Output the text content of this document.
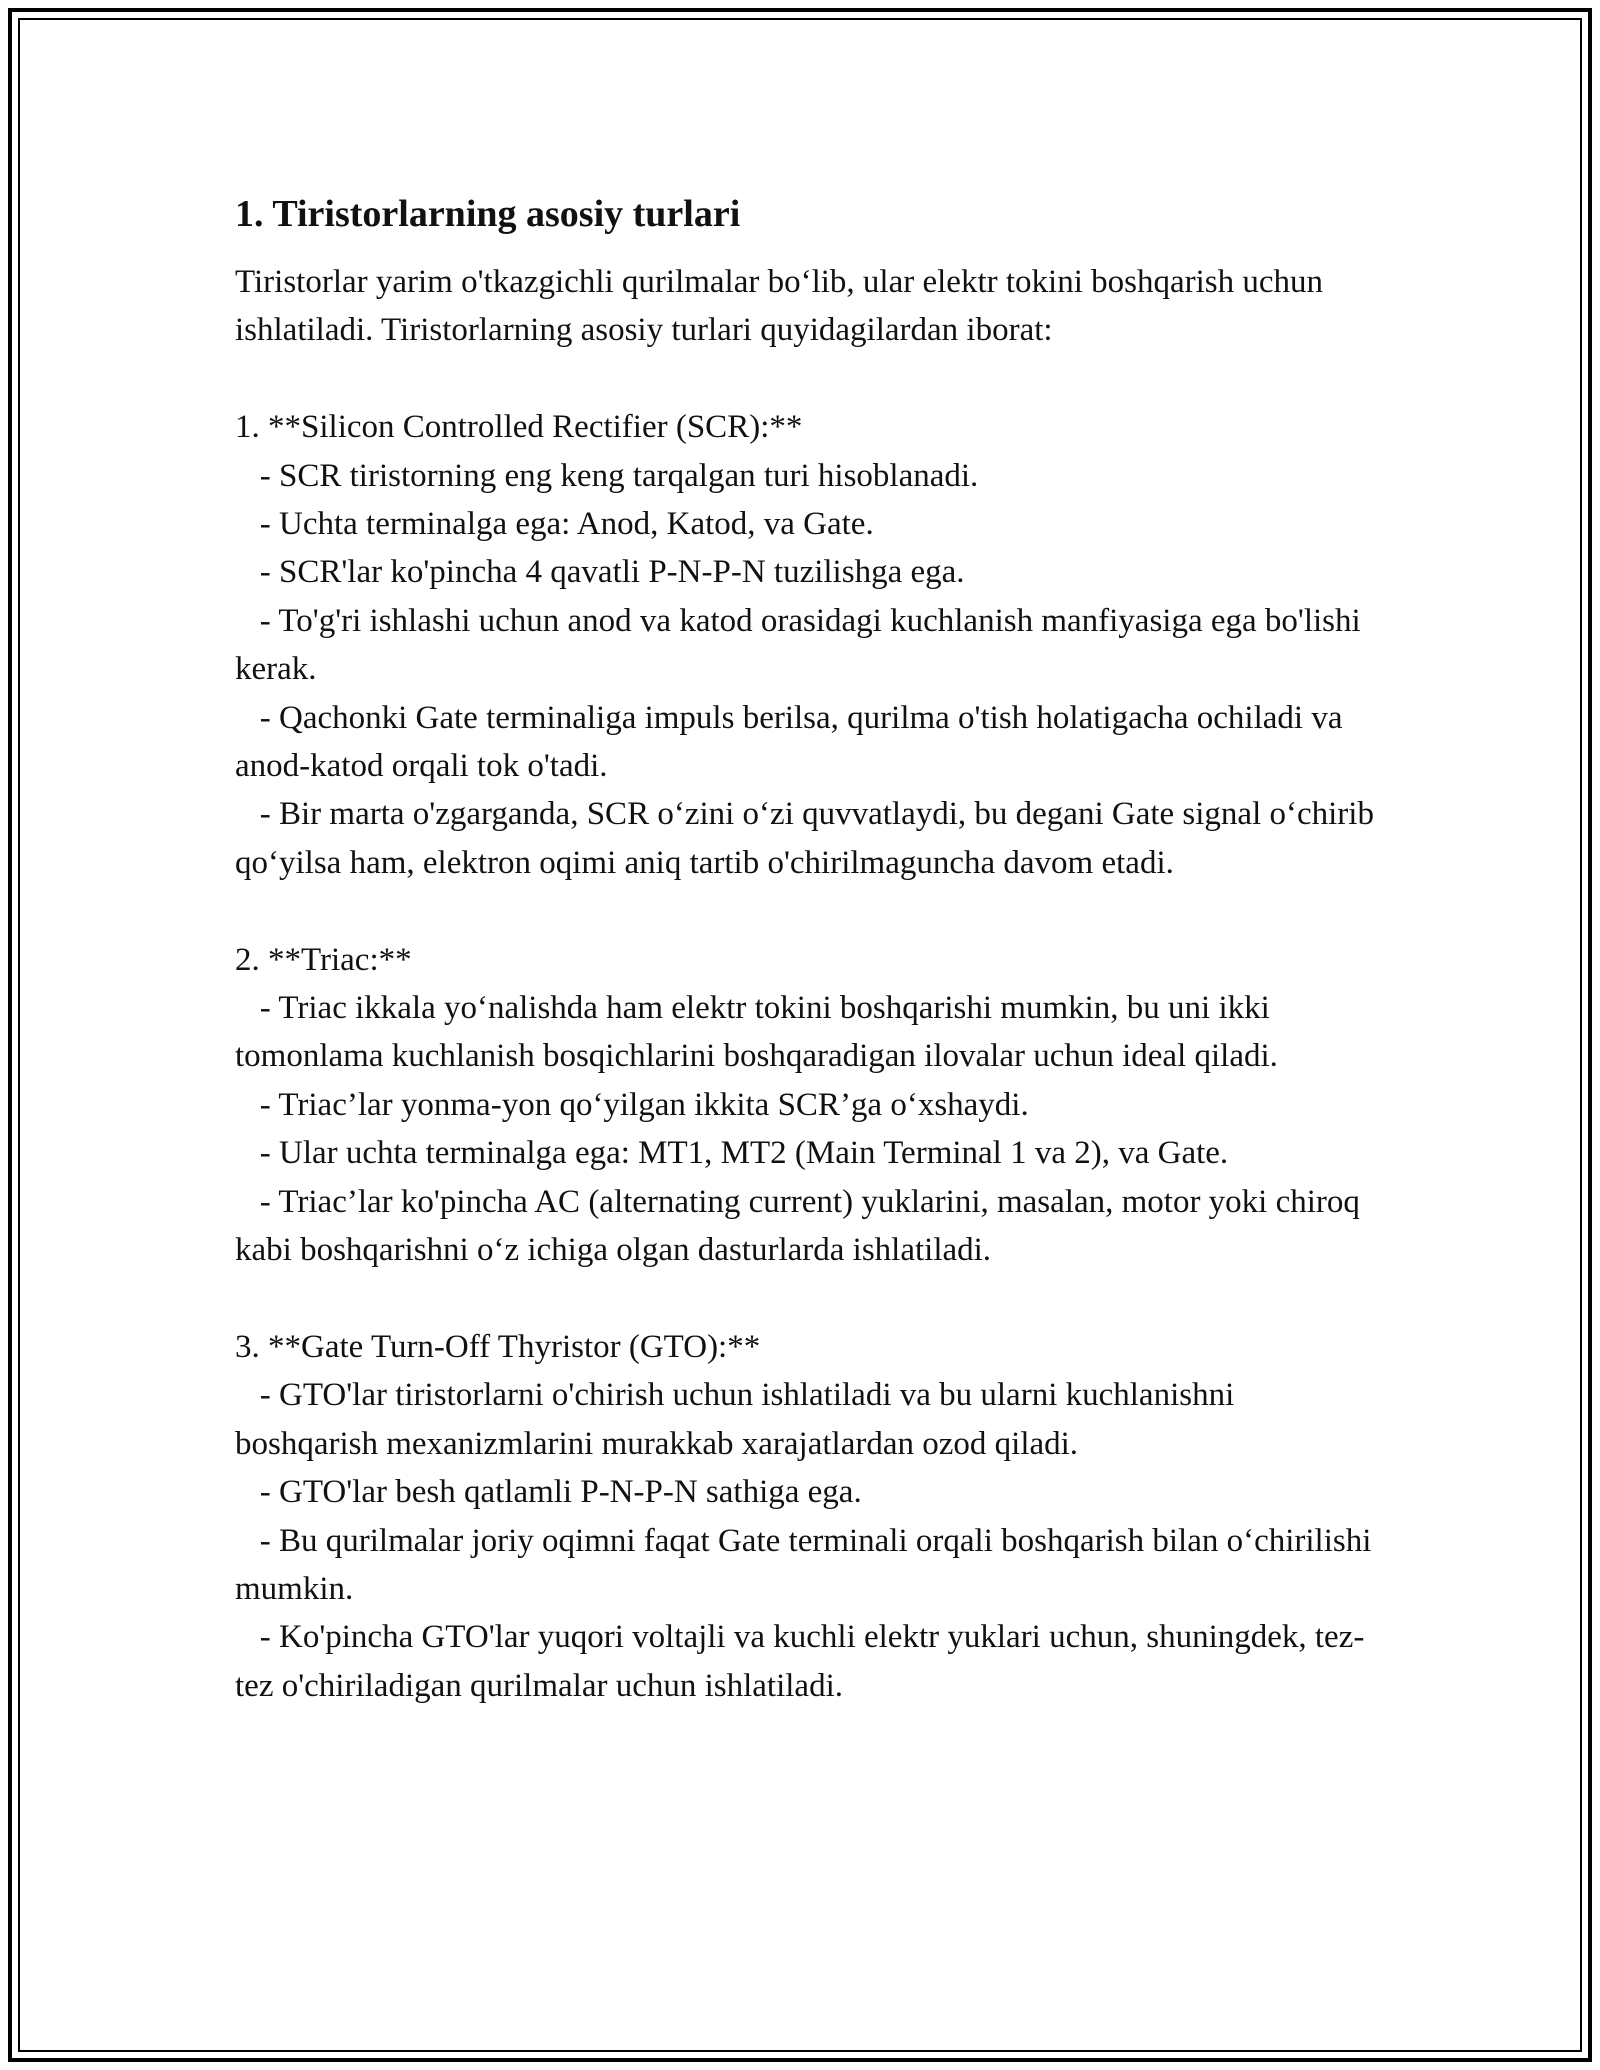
1. Tiristorlarning asosiy turlari

Tiristorlar yarim o'tkazgichli qurilmalar bo‘lib, ular elektr tokini boshqarish uchun ishlatiladi. Tiristorlarning asosiy turlari quyidagilardan iborat:

1. **Silicon Controlled Rectifier (SCR):**

- SCR tiristorning eng keng tarqalgan turi hisoblanadi.

- Uchta terminalga ega: Anod, Katod, va Gate.

- SCR'lar ko'pincha 4 qavatli P-N-P-N tuzilishga ega.

- To'g'ri ishlashi uchun anod va katod orasidagi kuchlanish manfiyasiga ega bo'lishi kerak.

- Qachonki Gate terminaliga impuls berilsa, qurilma o'tish holatigacha ochiladi va anod-katod orqali tok o'tadi.

- Bir marta o'zgarganda, SCR o‘zini o‘zi quvvatlaydi, bu degani Gate signal o‘chirib qo‘yilsa ham, elektron oqimi aniq tartib o'chirilmaguncha davom etadi.

2. **Triac:**

- Triac ikkala yo‘nalishda ham elektr tokini boshqarishi mumkin, bu uni ikki tomonlama kuchlanish bosqichlarini boshqaradigan ilovalar uchun ideal qiladi.

- Triac’lar yonma-yon qo‘yilgan ikkita SCR’ga o‘xshaydi.

- Ular uchta terminalga ega: MT1, MT2 (Main Terminal 1 va 2), va Gate.

- Triac’lar ko'pincha AC (alternating current) yuklarini, masalan, motor yoki chiroq kabi boshqarishni o‘z ichiga olgan dasturlarda ishlatiladi.

3. **Gate Turn-Off Thyristor (GTO):**

- GTO'lar tiristorlarni o'chirish uchun ishlatiladi va bu ularni kuchlanishni boshqarish mexanizmlarini murakkab xarajatlardan ozod qiladi.

- GTO'lar besh qatlamli P-N-P-N sathiga ega.

- Bu qurilmalar joriy oqimni faqat Gate terminali orqali boshqarish bilan o‘chirilishi mumkin.

- Ko'pincha GTO'lar yuqori voltajli va kuchli elektr yuklari uchun, shuningdek, tez-tez o'chiriladigan qurilmalar uchun ishlatiladi.
